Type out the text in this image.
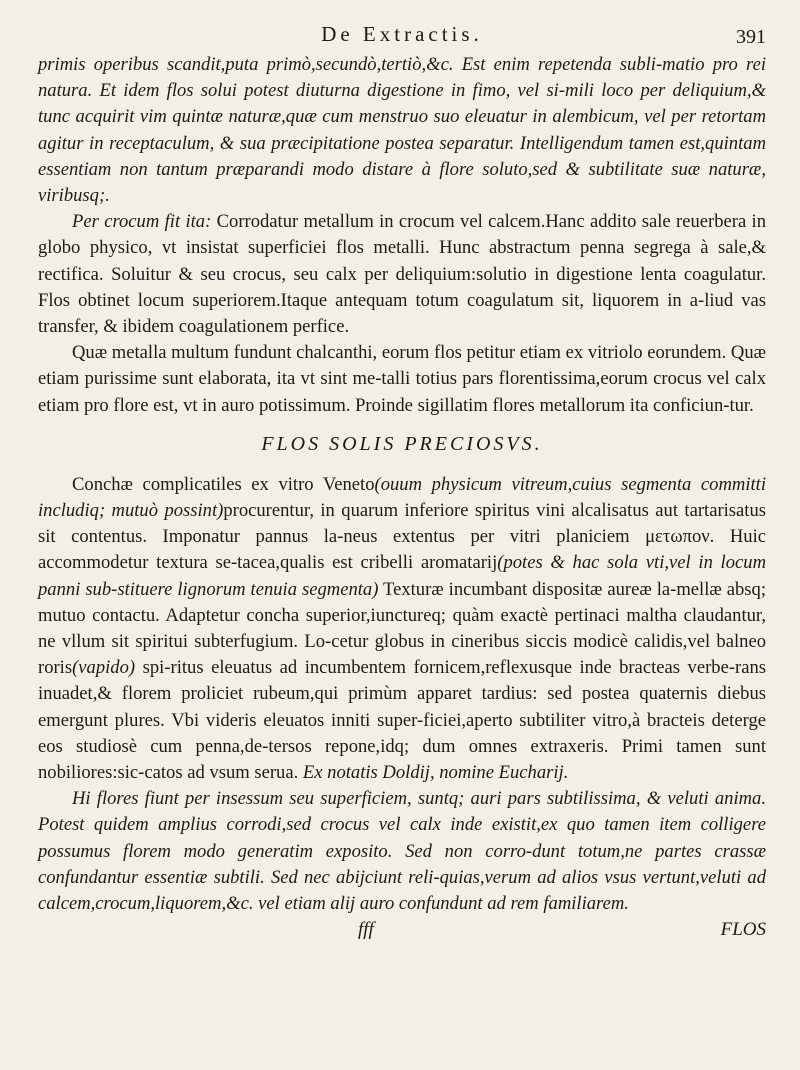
De Extractis.	391

primis operibus scandit,puta primò,secundò,tertiò,&c. Est enim repetenda subli-matio pro rei natura. Et idem flos solui potest diuturna digestione in fimo, vel si-mili loco per deliquium,& tunc acquirit vim quintæ naturæ,quæ cum menstruo suo eleuatur in alembicum, vel per retortam agitur in receptaculum, & sua præcipitatione postea separatur. Intelligendum tamen est,quintam essentiam non tantum præparandi modo distare à flore soluto,sed & subtilitate suæ naturæ, viribusq;.

Per crocum fit ita: Corrodatur metallum in crocum vel calcem.Hanc addito sale reuerbera in globo physico, vt insistat superficiei flos metalli. Hunc abstractum penna segrega à sale,& rectifica. Soluitur & seu crocus, seu calx per deliquium:solutio in digestione lenta coagulatur. Flos obtinet locum superiorem.Itaque antequam totum coagulatum sit, liquorem in a-liud vas transfer, & ibidem coagulationem perfice.

Quæ metalla multum fundunt chalcanthi, eorum flos petitur etiam ex vitriolo eorundem. Quæ etiam purissime sunt elaborata, ita vt sint me-talli totius pars florentissima,eorum crocus vel calx etiam pro flore est, vt in auro potissimum. Proinde sigillatim flores metallorum ita conficiun-tur.

FLOS SOLIS PRECIOSVS.

Conchæ complicatiles ex vitro Veneto(ouum physicum vitreum,cuius segmenta committi includiq; mutuò possint)procurentur, in quarum inferiore spiritus vini alcalisatus aut tartarisatus sit contentus. Imponatur pannus la-neus extentus per vitri planiciem μετωπον. Huic accommodetur textura se-tacea,qualis est cribelli aromatarij(potes & hac sola vti,vel in locum panni sub-stituere lignorum tenuia segmenta) Texturæ incumbant dispositæ aureæ la-mellæ absq; mutuo contactu. Adaptetur concha superior,iunctureq; quàm exactè pertinaci maltha claudantur, ne vllum sit spiritui subterfugium. Lo-cetur globus in cineribus siccis modicè calidis,vel balneo roris(vapido) spi-ritus eleuatus ad incumbentem fornicem,reflexusque inde bracteas verbe-rans inuadet,& florem proliciet rubeum,qui primùm apparet tardius: sed postea quaternis diebus emergunt plures. Vbi videris eleuatos inniti super-ficiei,aperto subtiliter vitro,à bracteis deterge eos studiosè cum penna,de-tersos repone,idq; dum omnes extraxeris. Primi tamen sunt nobiliores:sic-catos ad vsum serua. Ex notatis Doldij, nomine Eucharij.

Hi flores fiunt per insessum seu superficiem, suntq; auri pars subtilissima, & veluti anima. Potest quidem amplius corrodi,sed crocus vel calx inde existit,ex quo tamen item colligere possumus florem modo generatim exposito. Sed non corro-dunt totum,ne partes crassæ confundantur essentiæ subtili. Sed nec abijciunt reli-quias,verum ad alios vsus vertunt,veluti ad calcem,crocum,liquorem,&c. vel etiam alij auro confundunt ad rem familiarem.

fff	FLOS
